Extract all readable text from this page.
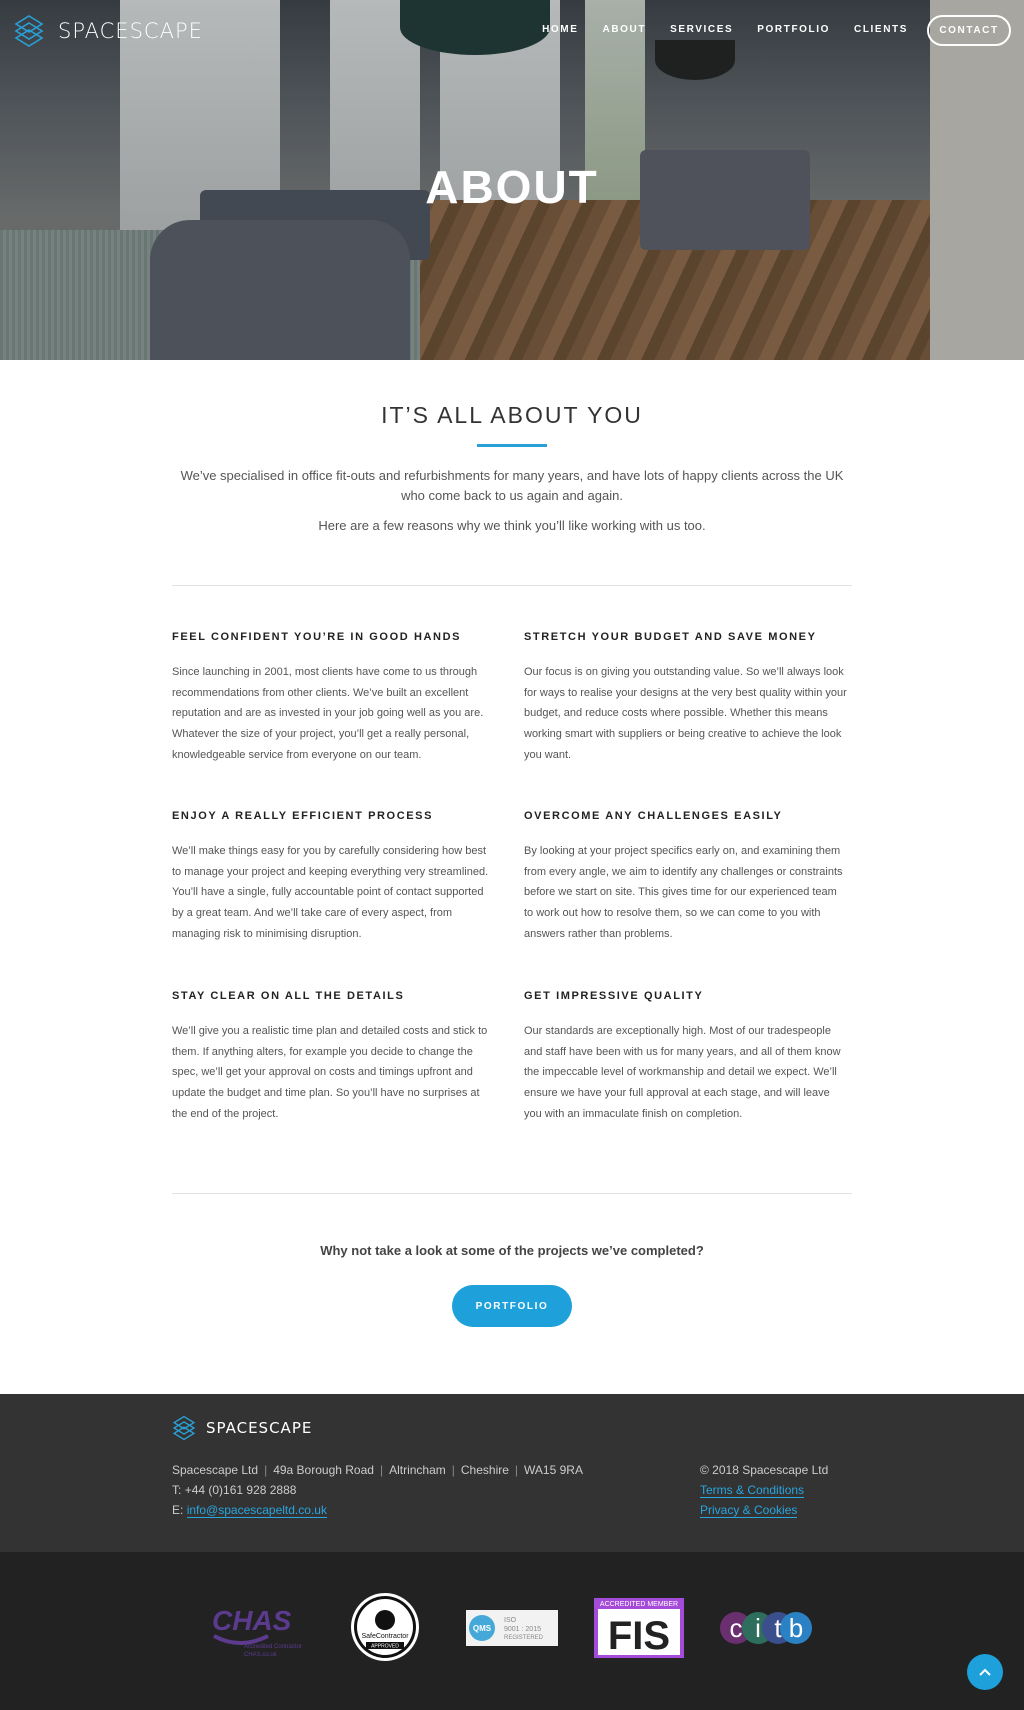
SPACESCAPE	HOME ABOUT SERVICES PORTFOLIO CLIENTS	CONTACT
ABOUT
IT’S ALL ABOUT YOU
We’ve specialised in office fit-outs and refurbishments for many years, and have lots of happy clients across the UK who come back to us again and again.
Here are a few reasons why we think you’ll like working with us too.
FEEL CONFIDENT YOU’RE IN GOOD HANDS

Since launching in 2001, most clients have come to us through recommendations from other clients. We’ve built an excellent reputation and are as invested in your job going well as you are. Whatever the size of your project, you’ll get a really personal, knowledgeable service from everyone on our team.

STRETCH YOUR BUDGET AND SAVE MONEY

Our focus is on giving you outstanding value. So we’ll always look for ways to realise your designs at the very best quality within your budget, and reduce costs where possible. Whether this means working smart with suppliers or being creative to achieve the look you want.

ENJOY A REALLY EFFICIENT PROCESS

We’ll make things easy for you by carefully considering how best to manage your project and keeping everything very streamlined. You’ll have a single, fully accountable point of contact supported by a great team. And we’ll take care of every aspect, from managing risk to minimising disruption.

OVERCOME ANY CHALLENGES EASILY

By looking at your project specifics early on, and examining them from every angle, we aim to identify any challenges or constraints before we start on site. This gives time for our experienced team to work out how to resolve them, so we can come to you with answers rather than problems.

STAY CLEAR ON ALL THE DETAILS

We’ll give you a realistic time plan and detailed costs and stick to them. If anything alters, for example you decide to change the spec, we’ll get your approval on costs and timings upfront and update the budget and time plan. So you’ll have no surprises at the end of the project.

GET IMPRESSIVE QUALITY

Our standards are exceptionally high. Most of our tradespeople and staff have been with us for many years, and all of them know the impeccable level of workmanship and detail we expect. We’ll ensure we have your full approval at each stage, and will leave you with an immaculate finish on completion.

Why not take a look at some of the projects we’ve completed?
PORTFOLIO
SPACESCAPE
Spacescape Ltd | 49a Borough Road | Altrincham | Cheshire | WA15 9RA
T: +44 (0)161 928 2888
E: info@spacescapeltd.co.uk
© 2018 Spacescape Ltd
Terms & Conditions
Privacy & Cookies
CHAS
Accredited Contractor
CHAS.co.uk
SafeContractor
APPROVED
QMS
ISO
9001 : 2015
REGISTERED
ACCREDITED MEMBER
FIS c i t b
